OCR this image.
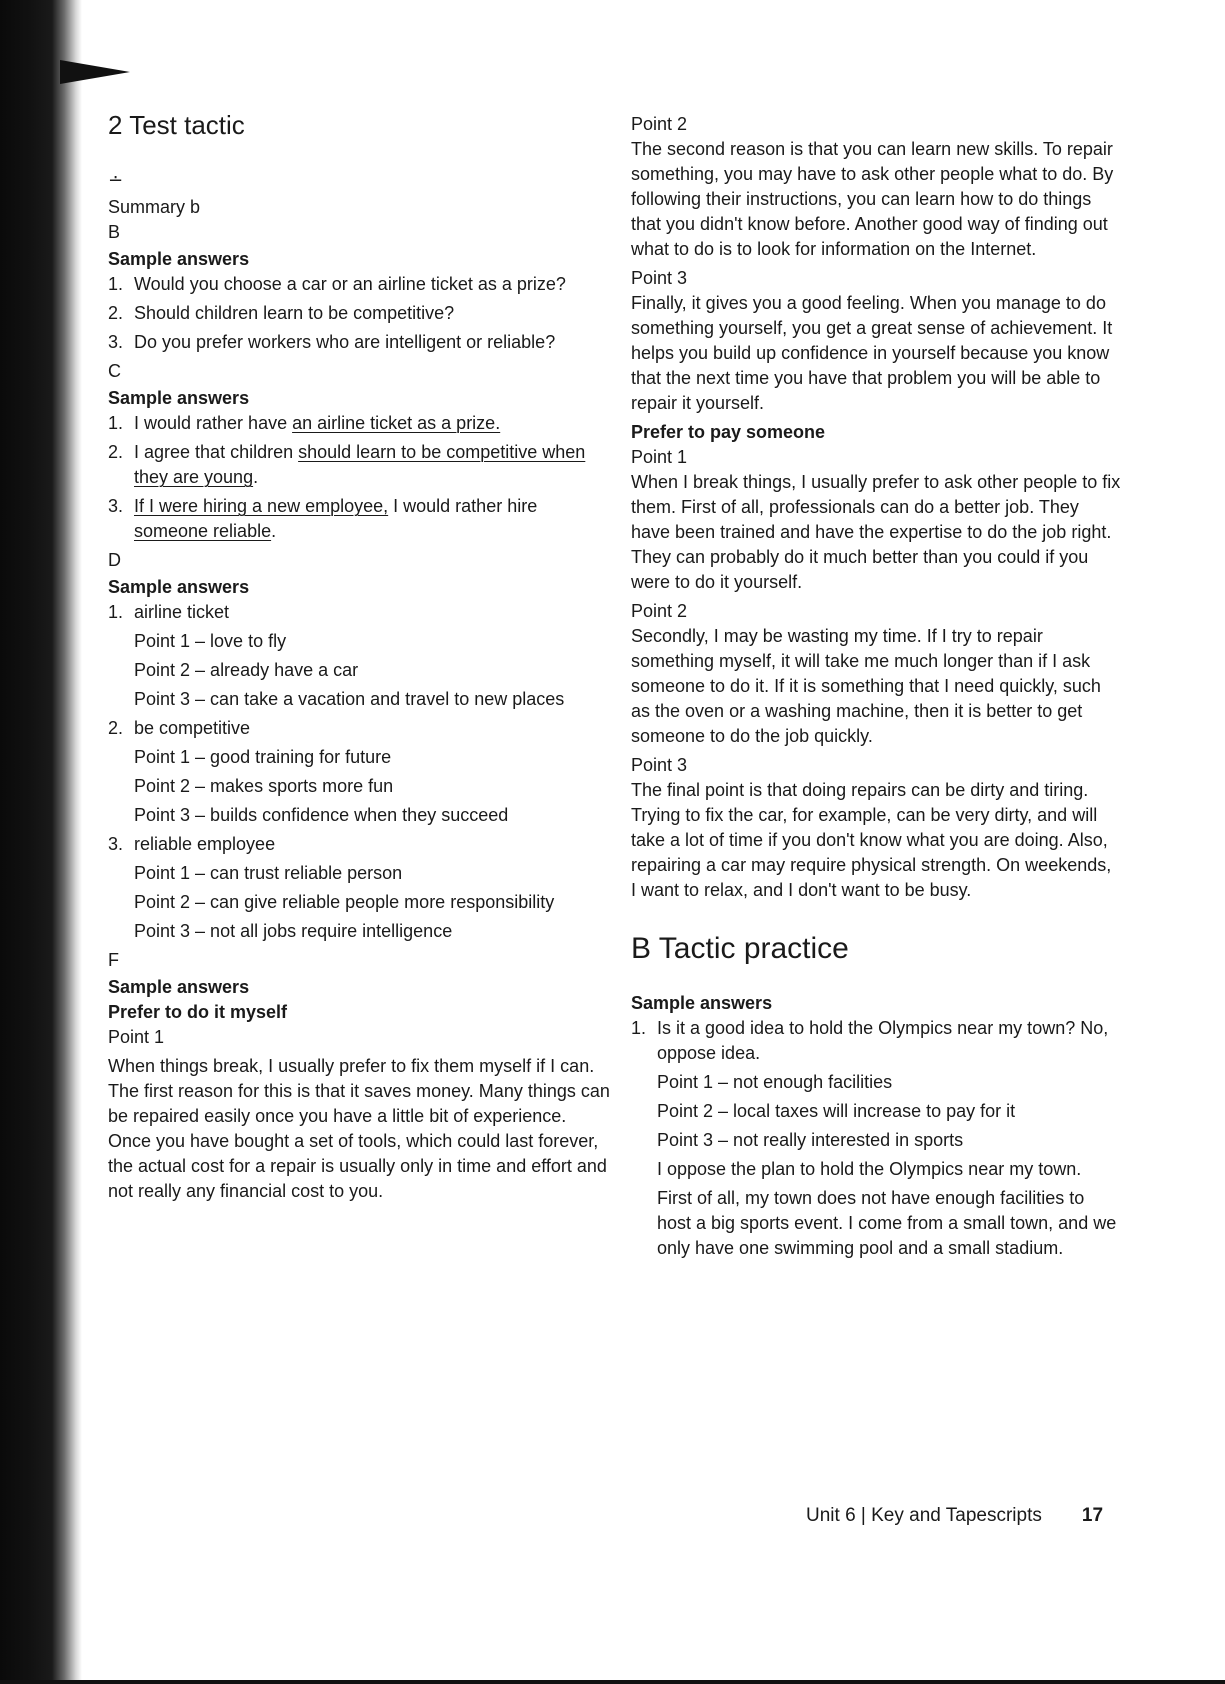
2 Test tactic
∸
Summary b
B
Sample answers
1. Would you choose a car or an airline ticket as a prize?
2. Should children learn to be competitive?
3. Do you prefer workers who are intelligent or reliable?
C
Sample answers
1. I would rather have an airline ticket as a prize.
2. I agree that children should learn to be competitive when they are young.
3. If I were hiring a new employee, I would rather hire someone reliable.
D
Sample answers
1. airline ticket
Point 1 – love to fly
Point 2 – already have a car
Point 3 – can take a vacation and travel to new places
2. be competitive
Point 1 – good training for future
Point 2 – makes sports more fun
Point 3 – builds confidence when they succeed
3. reliable employee
Point 1 – can trust reliable person
Point 2 – can give reliable people more responsibility
Point 3 – not all jobs require intelligence
F
Sample answers
Prefer to do it myself
Point 1

When things break, I usually prefer to fix them myself if I can. The first reason for this is that it saves money. Many things can be repaired easily once you have a little bit of experience. Once you have bought a set of tools, which could last forever, the actual cost for a repair is usually only in time and effort and not really any financial cost to you.

Point 2

The second reason is that you can learn new skills. To repair something, you may have to ask other people what to do. By following their instructions, you can learn how to do things that you didn't know before. Another good way of finding out what to do is to look for information on the Internet.

Point 3

Finally, it gives you a good feeling. When you manage to do something yourself, you get a great sense of achievement. It helps you build up confidence in yourself because you know that the next time you have that problem you will be able to repair it yourself.

Prefer to pay someone
Point 1

When I break things, I usually prefer to ask other people to fix them. First of all, professionals can do a better job. They have been trained and have the expertise to do the job right. They can probably do it much better than you could if you were to do it yourself.

Point 2

Secondly, I may be wasting my time. If I try to repair something myself, it will take me much longer than if I ask someone to do it. If it is something that I need quickly, such as the oven or a washing machine, then it is better to get someone to do the job quickly.

Point 3

The final point is that doing repairs can be dirty and tiring. Trying to fix the car, for example, can be very dirty, and will take a lot of time if you don't know what you are doing. Also, repairing a car may require physical strength. On weekends, I want to relax, and I don't want to be busy.

B Tactic practice
Sample answers
1. Is it a good idea to hold the Olympics near my town? No, oppose idea.
Point 1 – not enough facilities
Point 2 – local taxes will increase to pay for it
Point 3 – not really interested in sports
I oppose the plan to hold the Olympics near my town.
First of all, my town does not have enough facilities to host a big sports event. I come from a small town, and we only have one swimming pool and a small stadium.
Unit 6 | Key and Tapescripts 17
